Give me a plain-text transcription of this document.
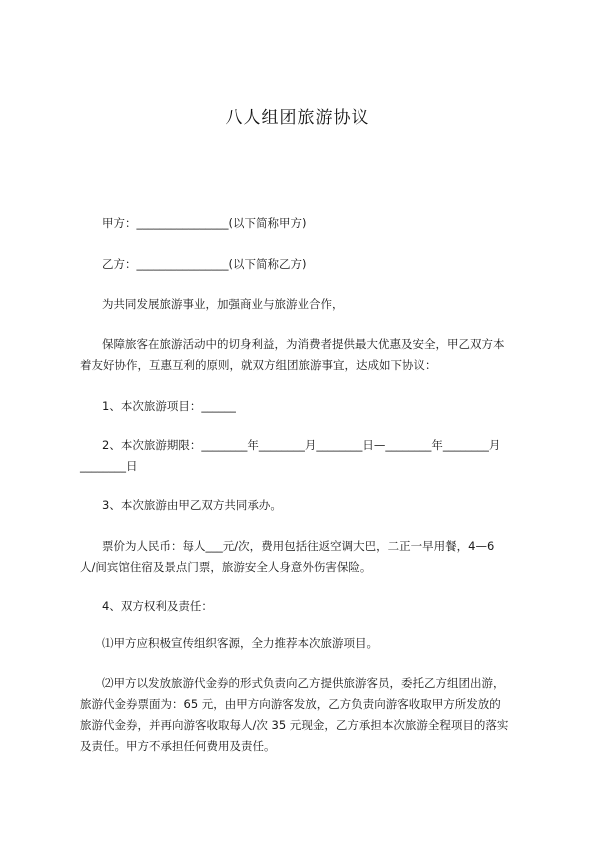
八人组团旅游协议
甲方：________________(以下简称甲方)
乙方：________________(以下简称乙方)
为共同发展旅游事业，加强商业与旅游业合作，
保障旅客在旅游活动中的切身利益，为消费者提供最大优惠及安全，甲乙双方本
着友好协作，互惠互利的原则，就双方组团旅游事宜，达成如下协议：
1、本次旅游项目：______
2、本次旅游期限：________年________月________日—________年________月
________日
3、本次旅游由甲乙双方共同承办。
票价为人民币：每人___元/次，费用包括往返空调大巴，二正一早用餐，4—6
人/间宾馆住宿及景点门票，旅游安全人身意外伤害保险。
4、双方权利及责任：
⑴甲方应积极宣传组织客源，全力推荐本次旅游项目。
⑵甲方以发放旅游代金券的形式负责向乙方提供旅游客员，委托乙方组团出游，
旅游代金券票面为：65 元，由甲方向游客发放，乙方负责向游客收取甲方所发放的
旅游代金券，并再向游客收取每人/次 35 元现金，乙方承担本次旅游全程项目的落实
及责任。甲方不承担任何费用及责任。
